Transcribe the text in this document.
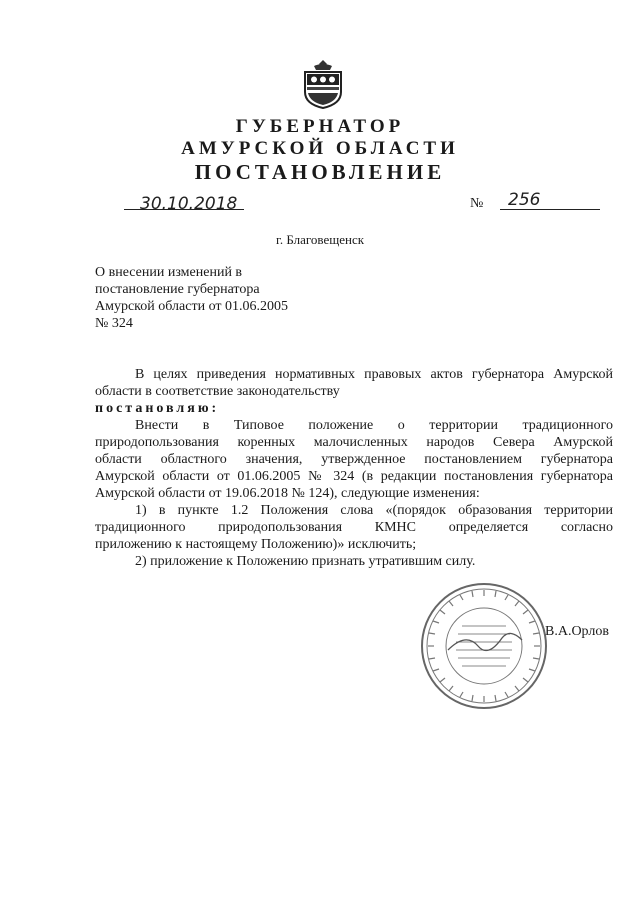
ГУБЕРНАТОР
АМУРСКОЙ ОБЛАСТИ
ПОСТАНОВЛЕНИЕ
30.10.2018	№ 256
г. Благовещенск
О внесении изменений в
постановление губернатора
Амурской области от 01.06.2005
№ 324
В целях приведения нормативных правовых актов губернатора Амурской
области в соответствие законодательству
постановляю:
Внести в Типовое положение о территории традиционного
природопользования коренных малочисленных народов Севера Амурской
области областного значения, утвержденное постановлением губернатора
Амурской области от 01.06.2005 № 324 (в редакции постановления губернатора
Амурской области от 19.06.2018 № 124), следующие изменения:
1) в пункте 1.2 Положения слова «(порядок образования территории
традиционного природопользования КМНС определяется согласно
приложению к настоящему Положению)» исключить;
2) приложение к Положению признать утратившим силу.
В.А.Орлов
